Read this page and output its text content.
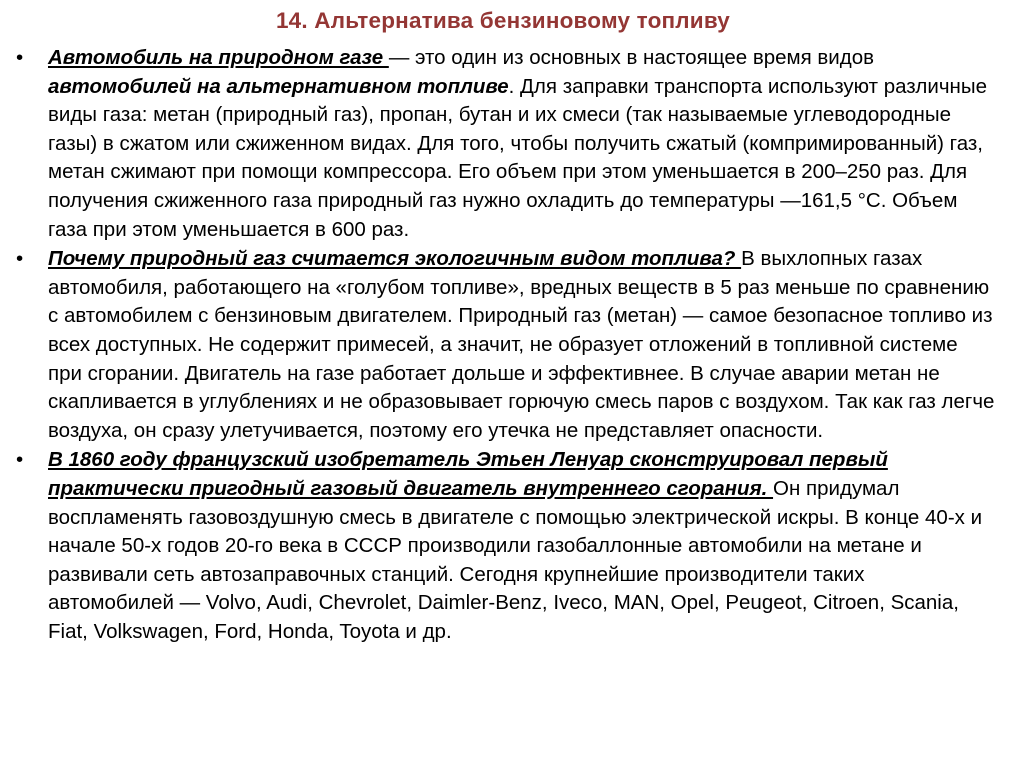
14. Альтернатива бензиновому топливу
•	Автомобиль на природном газе — это один из основных в настоящее время видов автомобилей на альтернативном топливе. Для заправки транспорта используют различные виды газа: метан (природный газ), пропан, бутан и их смеси (так называемые углеводородные газы) в сжатом или сжиженном видах. Для того, чтобы получить сжатый (компримированный) газ, метан сжимают при помощи компрессора. Его объем при этом уменьшается в 200–250 раз. Для получения сжиженного газа природный газ нужно охладить до температуры —161,5 °С. Объем газа при этом уменьшается в 600 раз.
•	Почему природный газ считается экологичным видом топлива? В выхлопных газах автомобиля, работающего на «голубом топливе», вредных веществ в 5 раз меньше по сравнению с автомобилем с бензиновым двигателем. Природный газ (метан) — самое безопасное топливо из всех доступных. Не содержит примесей, а значит, не образует отложений в топливной системе при сгорании. Двигатель на газе работает дольше и эффективнее. В случае аварии метан не скапливается в углублениях и не образовывает горючую смесь паров с воздухом. Так как газ легче воздуха, он сразу улетучивается, поэтому его утечка не представляет опасности.
•	В 1860 году французский изобретатель Этьен Ленуар сконструировал первый практически пригодный газовый двигатель внутреннего сгорания. Он придумал воспламенять газовоздушную смесь в двигателе с помощью электрической искры. В конце 40-х и начале 50-х годов 20-го века в СССР производили газобаллонные автомобили на метане и развивали сеть автозаправочных станций. Сегодня крупнейшие производители таких автомобилей — Volvo, Audi, Chevrolet, Daimler-Benz, Iveco, MAN, Opel, Peugeot, Citroen, Scania, Fiat, Volkswagen, Ford, Honda, Toyota и др.
